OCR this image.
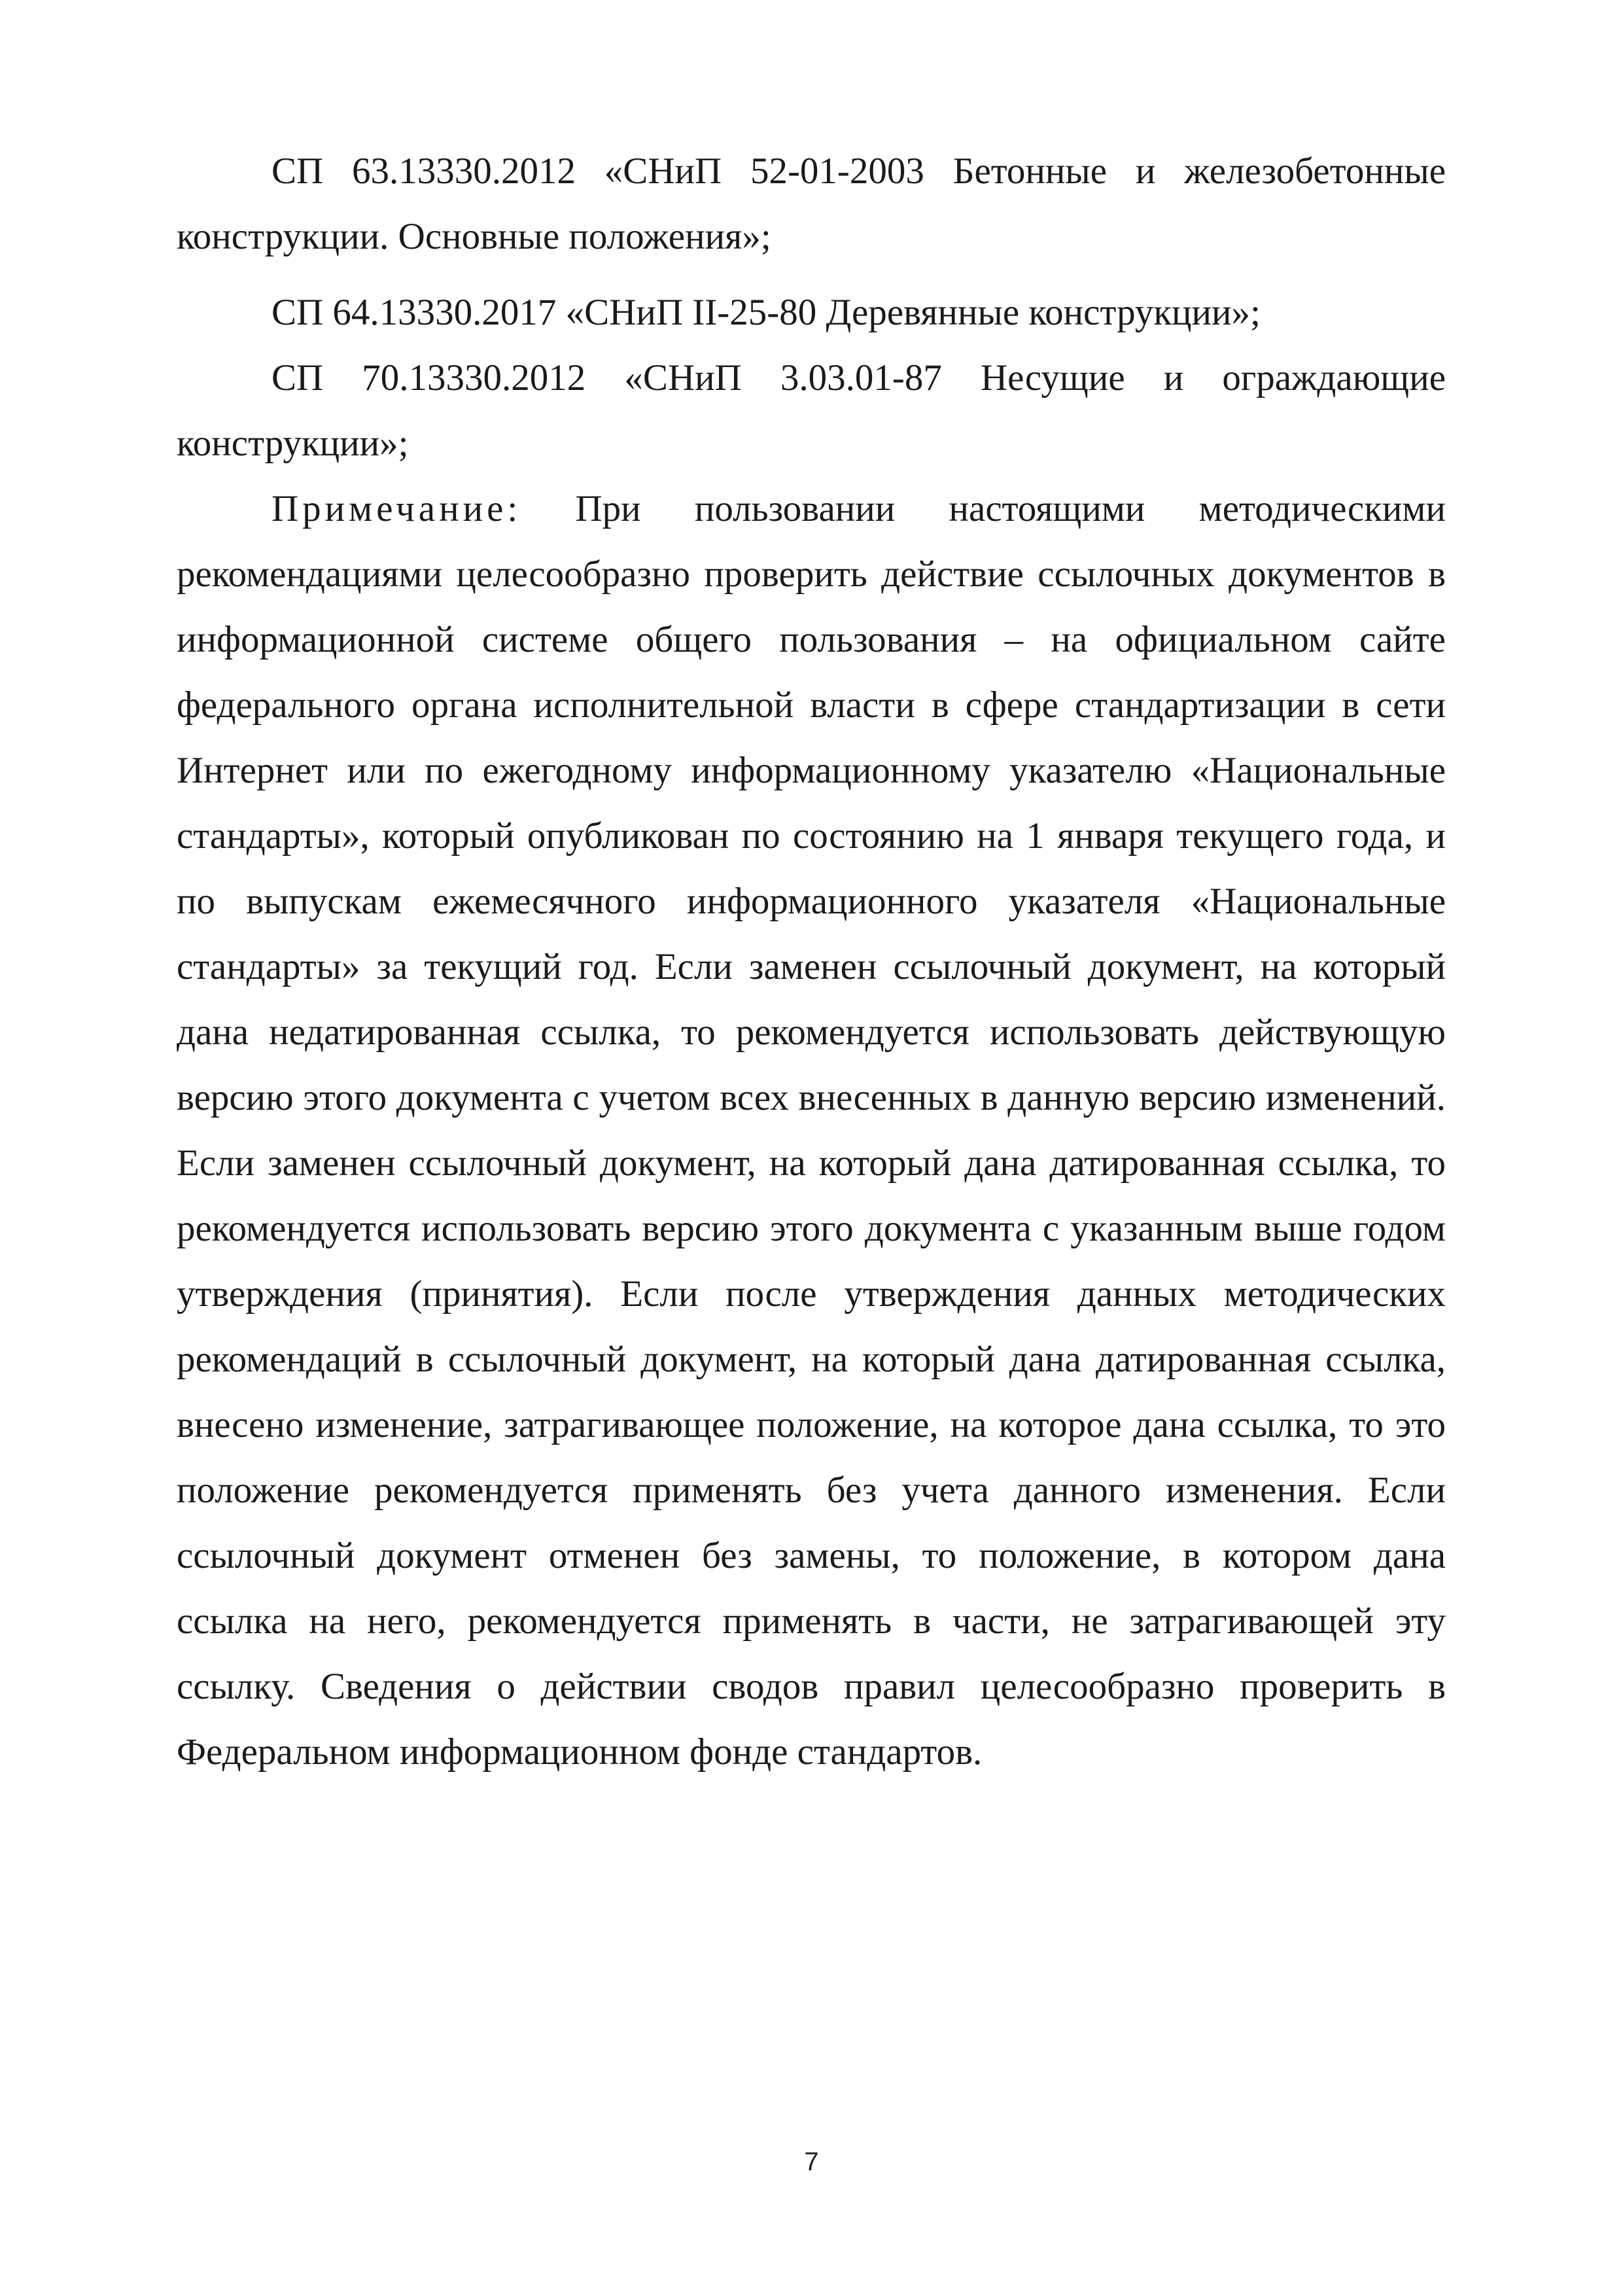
СП 63.13330.2012 «СНиП 52-01-2003 Бетонные и железобетонные конструкции. Основные положения»;

СП 64.13330.2017 «СНиП II-25-80 Деревянные конструкции»;

СП 70.13330.2012 «СНиП 3.03.01-87 Несущие и ограждающие конструкции»;

Примечание: При пользовании настоящими методическими рекомендациями целесообразно проверить действие ссылочных документов в информационной системе общего пользования – на официальном сайте федерального органа исполнительной власти в сфере стандартизации в сети Интернет или по ежегодному информационному указателю «Национальные стандарты», который опубликован по состоянию на 1 января текущего года, и по выпускам ежемесячного информационного указателя «Национальные стандарты» за текущий год. Если заменен ссылочный документ, на который дана недатированная ссылка, то рекомендуется использовать действующую версию этого документа с учетом всех внесенных в данную версию изменений. Если заменен ссылочный документ, на который дана датированная ссылка, то рекомендуется использовать версию этого документа с указанным выше годом утверждения (принятия). Если после утверждения данных методических рекомендаций в ссылочный документ, на который дана датированная ссылка, внесено изменение, затрагивающее положение, на которое дана ссылка, то это положение рекомендуется применять без учета данного изменения. Если ссылочный документ отменен без замены, то положение, в котором дана ссылка на него, рекомендуется применять в части, не затрагивающей эту ссылку. Сведения о действии сводов правил целесообразно проверить в Федеральном информационном фонде стандартов.

7
